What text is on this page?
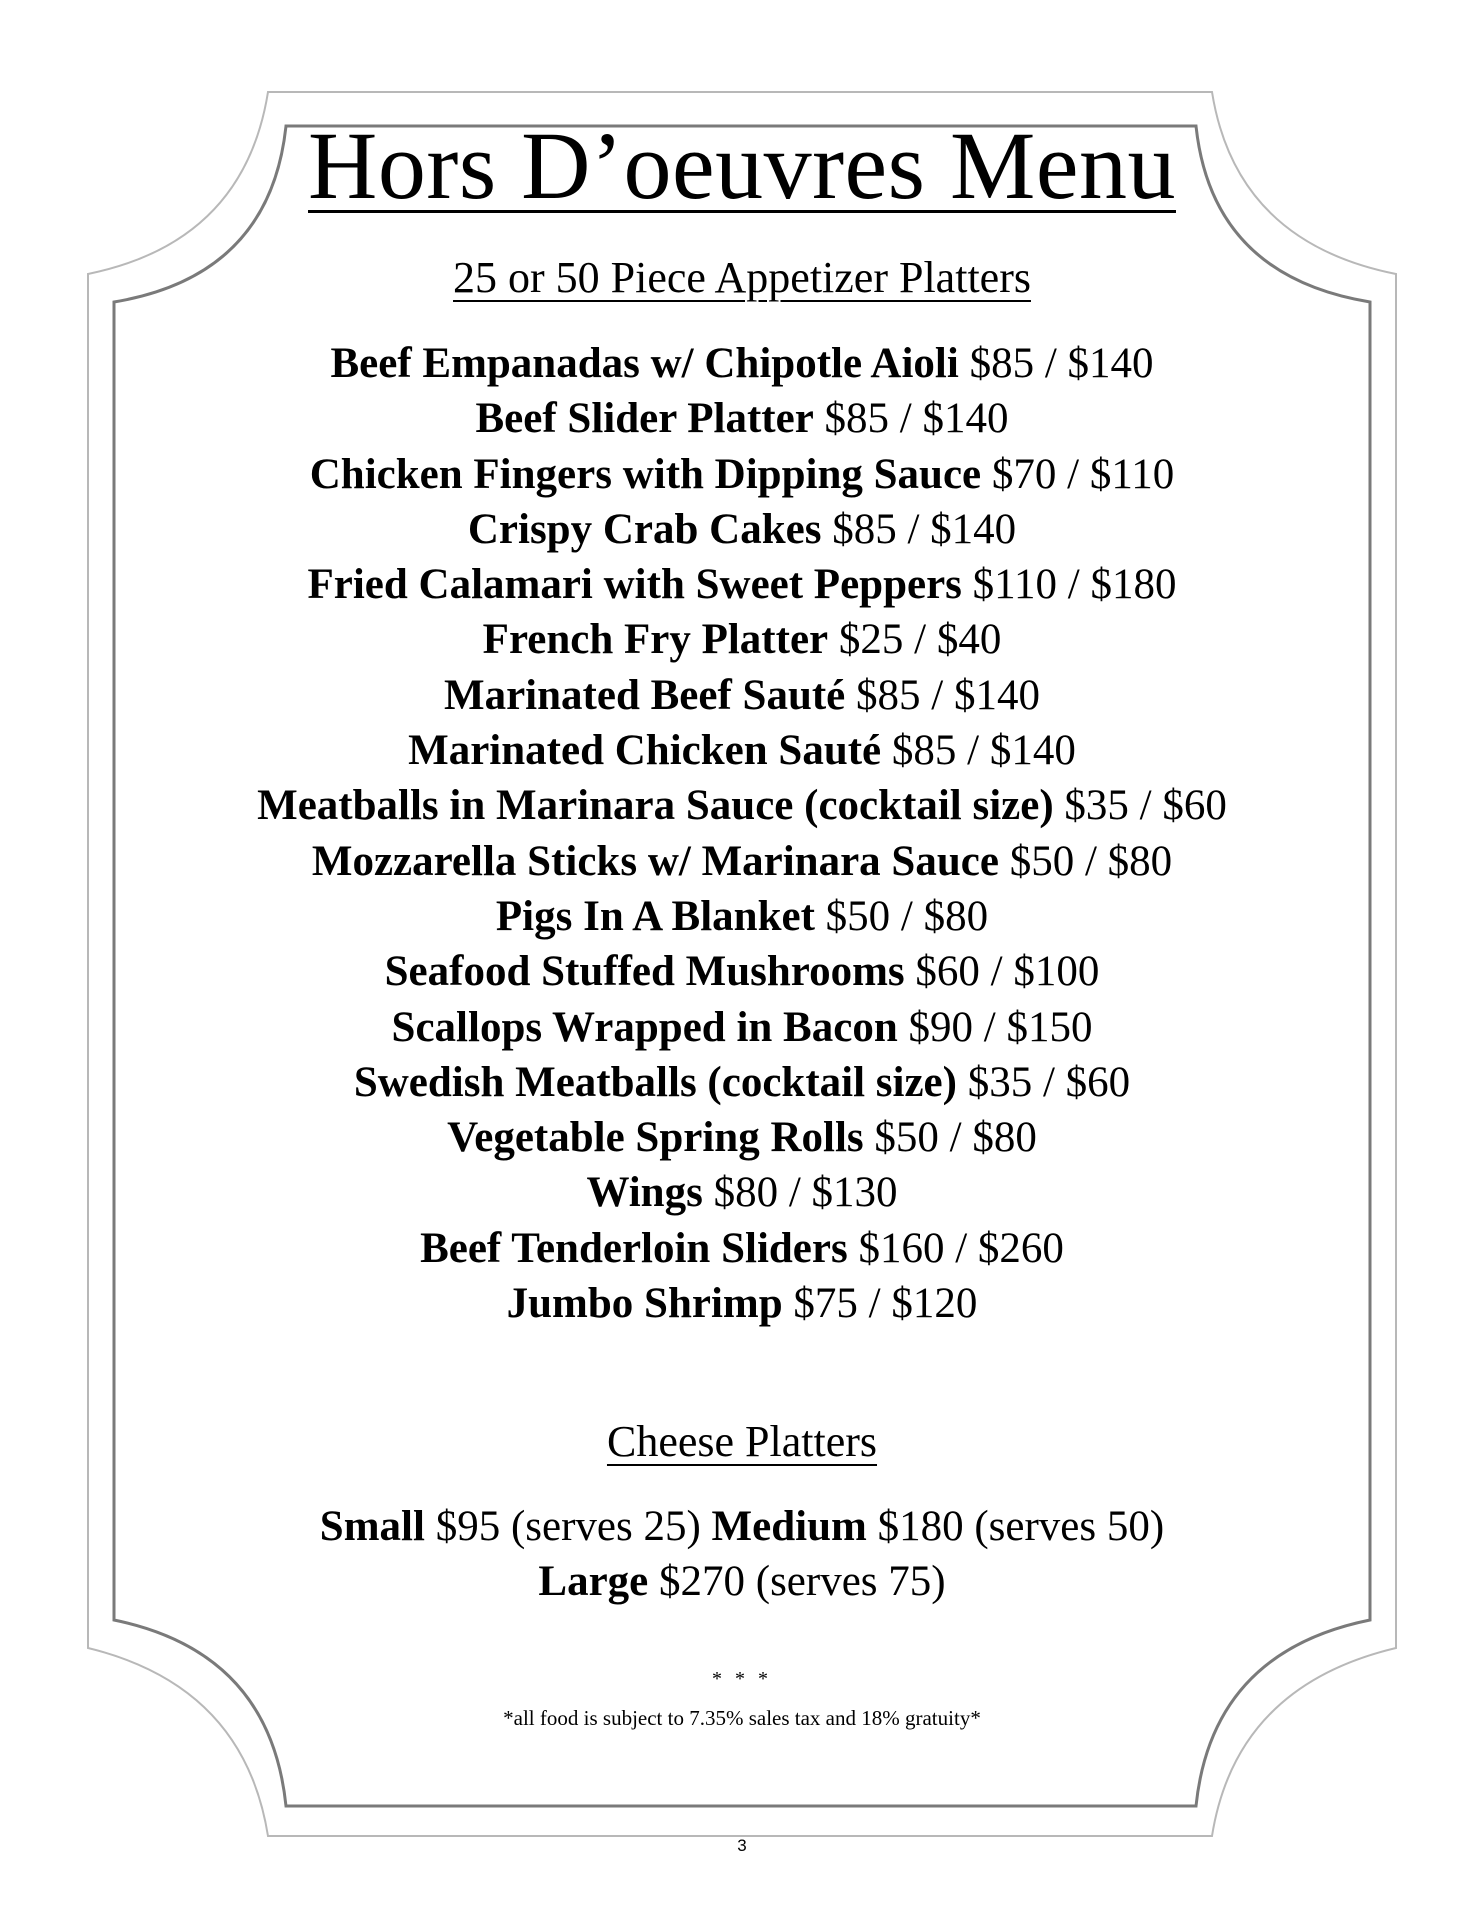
Hors D’oeuvres Menu
25 or 50 Piece Appetizer Platters
Beef Empanadas w/ Chipotle Aioli $85 / $140
Beef Slider Platter $85 / $140
Chicken Fingers with Dipping Sauce $70 / $110
Crispy Crab Cakes $85 / $140
Fried Calamari with Sweet Peppers $110 / $180
French Fry Platter $25 / $40
Marinated Beef Sauté $85 / $140
Marinated Chicken Sauté $85 / $140
Meatballs in Marinara Sauce (cocktail size) $35 / $60
Mozzarella Sticks w/ Marinara Sauce $50 / $80
Pigs In A Blanket $50 / $80
Seafood Stuffed Mushrooms $60 / $100
Scallops Wrapped in Bacon $90 / $150
Swedish Meatballs (cocktail size) $35 / $60
Vegetable Spring Rolls $50 / $80
Wings $80 / $130
Beef Tenderloin Sliders $160 / $260
Jumbo Shrimp $75 / $120
Cheese Platters
Small $95 (serves 25) Medium $180 (serves 50)
Large $270 (serves 75)
* * *
*all food is subject to 7.35% sales tax and 18% gratuity*
3
